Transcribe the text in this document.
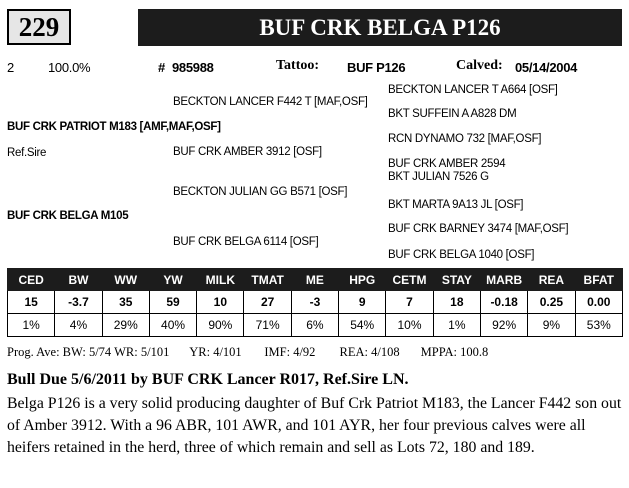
229	BUF CRK BELGA P126
2	100.0%	# 985988	Tattoo: BUF P126	Calved: 05/14/2004
BECKTON LANCER T A664 [OSF]
BECKTON LANCER F442 T [MAF,OSF]
BKT SUFFEIN A A828 DM
BUF CRK PATRIOT M183 [AMF,MAF,OSF]
RCN DYNAMO 732 [MAF,OSF]
Ref.Sire	BUF CRK AMBER 3912 [OSF]
BUF CRK AMBER 2594
BKT JULIAN 7526 G
BECKTON JULIAN GG B571 [OSF]
BKT MARTA 9A13 JL [OSF]
BUF CRK BELGA M105
BUF CRK BARNEY 3474 [MAF,OSF]
BUF CRK BELGA 6114 [OSF]
BUF CRK BELGA 1040 [OSF]
CED	BW	WW	YW	MILK	TMAT	ME	HPG	CETM	STAY	MARB	REA	BFAT
15	-3.7	35	59	10	27	-3	9	7	18	-0.18	0.25	0.00
1%	4%	29%	40%	90%	71%	6%	54%	10%	1%	92%	9%	53%
Prog. Ave: BW: 5/74 WR: 5/101 YR: 4/101 IMF: 4/92 REA: 4/108 MPPA: 100.8
Bull Due 5/6/2011 by BUF CRK Lancer R017, Ref.Sire LN.
Belga P126 is a very solid producing daughter of Buf Crk Patriot M183, the Lancer F442 son out of Amber 3912. With a 96 ABR, 101 AWR, and 101 AYR, her four previous calves were all heifers retained in the herd, three of which remain and sell as Lots 72, 180 and 189.
